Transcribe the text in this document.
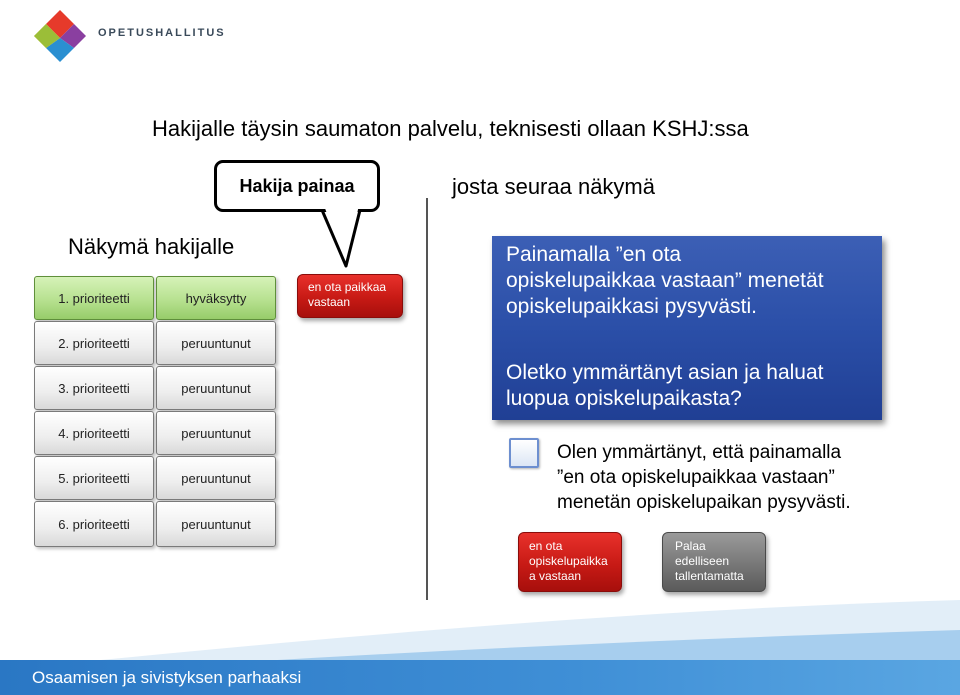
OPETUSHALLITUS
Hakijalle täysin saumaton palvelu, teknisesti ollaan KSHJ:ssa
Hakija painaa	josta seuraa näkymä
Näkymä hakijalle
1. prioriteetti	hyväksytty
2. prioriteetti	peruuntunut
3. prioriteetti	peruuntunut
4. prioriteetti	peruuntunut
5. prioriteetti	peruuntunut
6. prioriteetti	peruuntunut
en ota paikkaa
vastaan

Painamalla ”en ota

opiskelupaikkaa vastaan” menetät

opiskelupaikkasi pysyvästi.

Oletko ymmärtänyt asian ja haluat

luopua opiskelupaikasta?

Olen ymmärtänyt, että painamalla

”en ota opiskelupaikkaa vastaan”

menetän opiskelupaikan pysyvästi.

en ota
opiskelupaikka
a vastaan
Palaa
edelliseen
tallentamatta
Osaamisen ja sivistyksen parhaaksi
